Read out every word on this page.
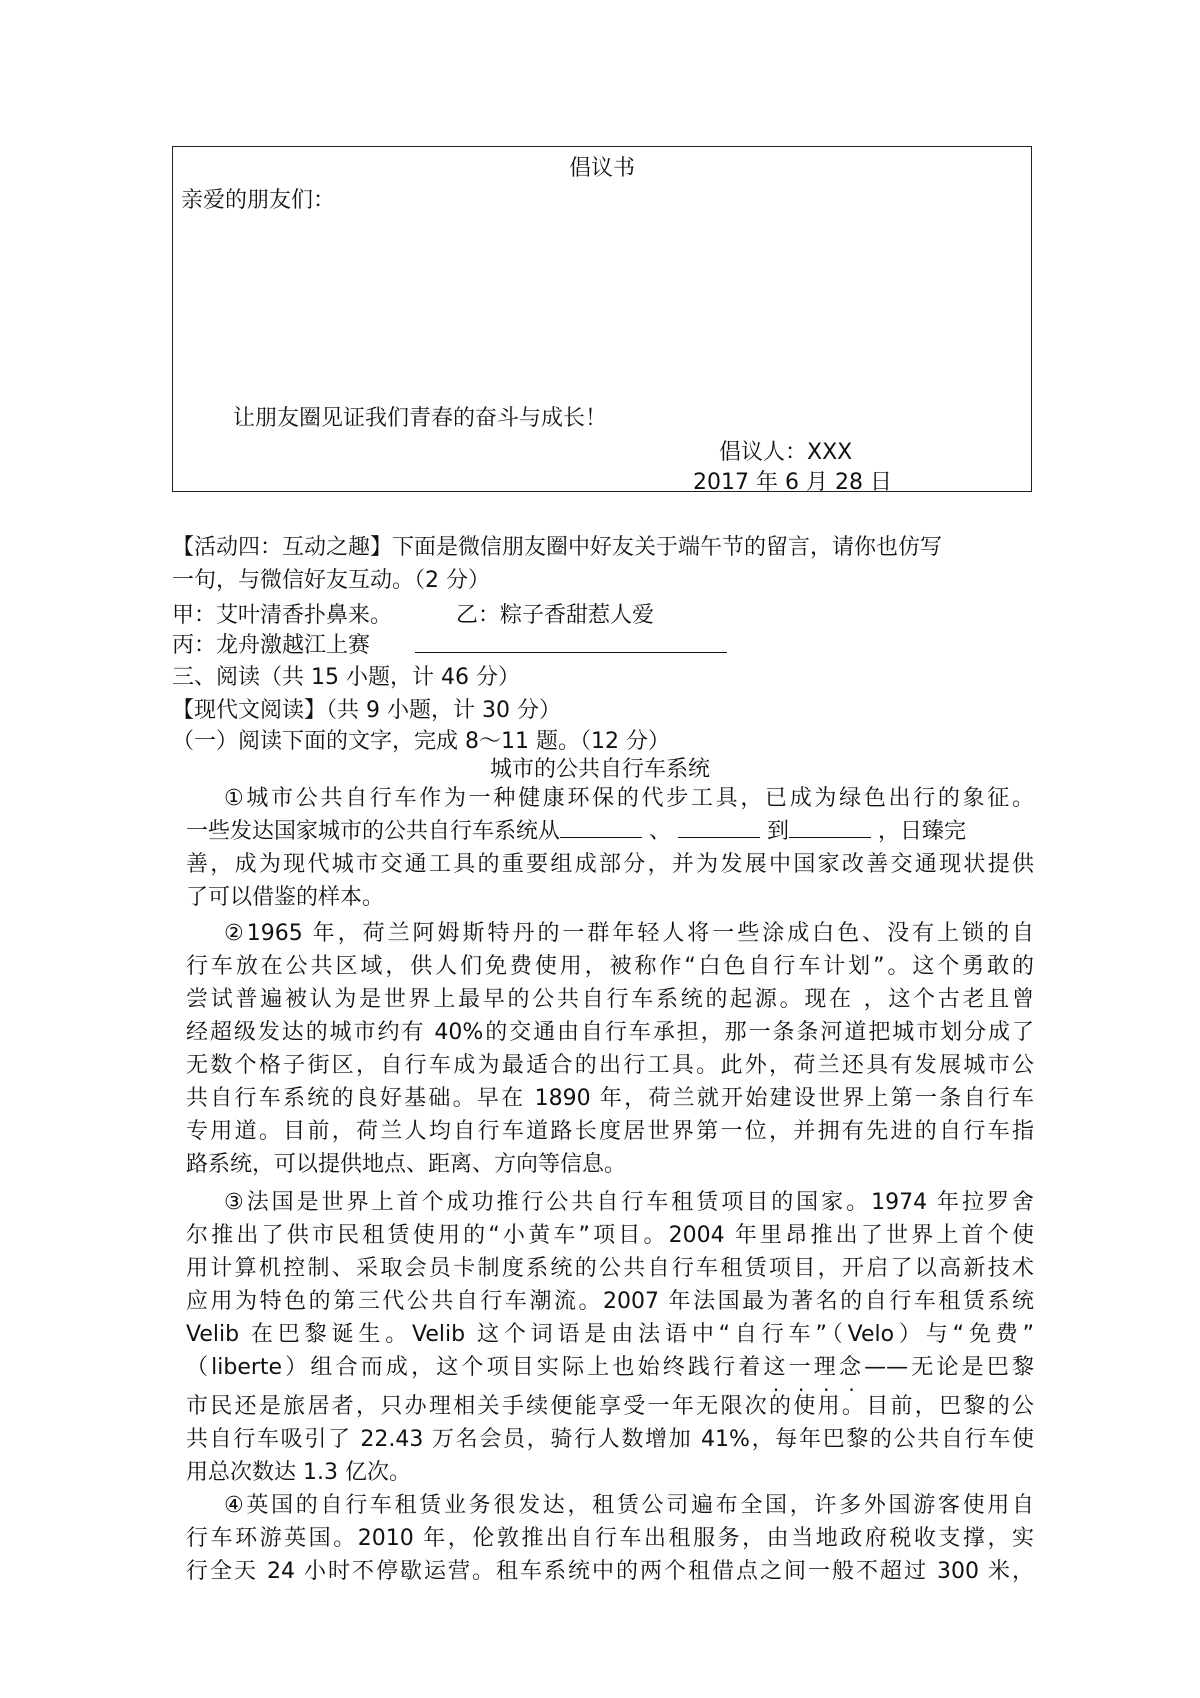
倡议书
亲爱的朋友们：
让朋友圈见证我们青春的奋斗与成长！
倡议人：XXX
2017 年 6 月 28 日
【活动四：互动之趣】下面是微信朋友圈中好友关于端午节的留言，请你也仿写
一句，与微信好友互动。（2 分）
甲：艾叶清香扑鼻来。	乙：粽子香甜惹人爱
丙：龙舟激越江上赛
三、阅读（共 15 小题，计 46 分）
【现代文阅读】（共 9 小题，计 30 分）
（一）阅读下面的文字，完成 8～11 题。（12 分）
城市的公共自行车系统
①城市公共自行车作为一种健康环保的代步工具，已成为绿色出行的象征。
一些发达国家城市的公共自行车系统从	、	到	，日臻完
善，成为现代城市交通工具的重要组成部分，并为发展中国家改善交通现状提供
了可以借鉴的样本。
②1965 年，荷兰阿姆斯特丹的一群年轻人将一些涂成白色、没有上锁的自
行车放在公共区域，供人们免费使用，被称作“白色自行车计划”。这个勇敢的
尝试普遍被认为是世界上最早的公共自行车系统的起源。现在 ，这个古老且曾
经超级发达的城市约有 40%的交通由自行车承担，那一条条河道把城市划分成了
无数个格子街区，自行车成为最适合的出行工具。此外，荷兰还具有发展城市公
共自行车系统的良好基础。早在 1890 年，荷兰就开始建设世界上第一条自行车
专用道。目前，荷兰人均自行车道路长度居世界第一位，并拥有先进的自行车指
路系统，可以提供地点、距离、方向等信息。
③法国是世界上首个成功推行公共自行车租赁项目的国家。1974 年拉罗舍
尔推出了供市民租赁使用的“小黄车”项目。2004 年里昂推出了世界上首个使
用计算机控制、采取会员卡制度系统的公共自行车租赁项目，开启了以高新技术
应用为特色的第三代公共自行车潮流。2007 年法国最为著名的自行车租赁系统
Velib 在巴黎诞生。Velib 这个词语是由法语中“自行车”（Velo）与“免费”
（liberte）组合而成，这个项目实际上也始终践行着这一理念——无论是巴黎
市民还是旅居者，只办理相关手续便能享受一年无限次的使用。目前，巴黎的公
共自行车吸引了 22.43 万名会员，骑行人数增加 41%，每年巴黎的公共自行车使
用总次数达 1.3 亿次。
④英国的自行车租赁业务很发达，租赁公司遍布全国，许多外国游客使用自
行车环游英国。2010 年，伦敦推出自行车出租服务，由当地政府税收支撑，实
行全天 24 小时不停歇运营。租车系统中的两个租借点之间一般不超过 300 米，
